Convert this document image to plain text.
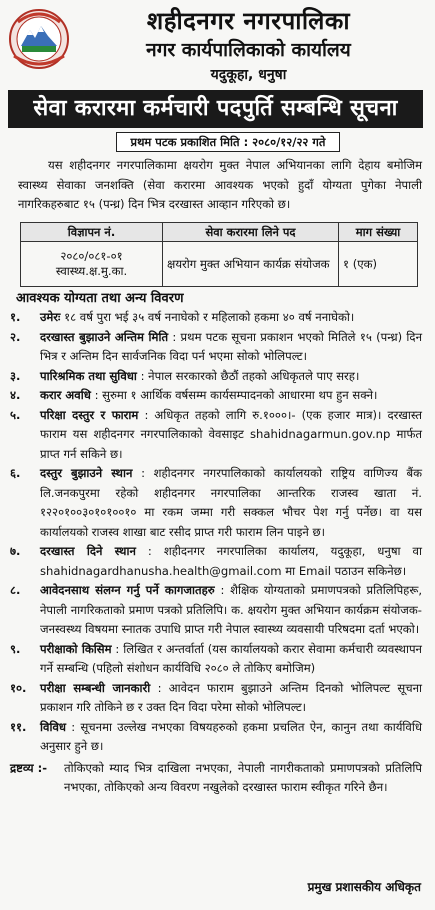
शहीदनगर नगरपालिका
नगर कार्यपालिकाको कार्यालय
यदुकूहा, धनुषा
सेवा करारमा कर्मचारी पदपुर्ति सम्बन्धि सूचना
प्रथम पटक प्रकाशित मिति : २०८०/१२/२२ गते
यस शहीदनगर नगरपालिकामा क्षयरोग मुक्त नेपाल अभियानका लागि देहाय बमोजिम स्वास्थ्य सेवाका जनशक्ति (सेवा करारमा आवश्यक भएको हुदाँ योग्यता पुगेका नेपाली नागरिकहरुबाट १५ (पन्ध्र) दिन भित्र दरखास्त आव्हान गरिएको छ।
विज्ञापन नं.	सेवा करारमा लिने पद	माग संख्या

२०८०/०८१-०१
स्वास्थ्य.क्ष.मु.का.	क्षयरोग मुक्त अभियान कार्यक्र संयोजक	१ (एक)
आवश्यक योग्यता तथा अन्य विवरण
१. उमेरः १८ वर्ष पुरा भई ३५ वर्ष ननाघेको र महिलाको हकमा ४० वर्ष ननाघेको।
२. दरखास्त बुझाउने अन्तिम मिति : प्रथम पटक सूचना प्रकाशन भएको मितिले १५ (पन्ध्र) दिन भित्र र अन्तिम दिन सार्वजनिक विदा पर्न भएमा सोको भोलिपल्ट।
३. पारिश्रमिक तथा सुविधा : नेपाल सरकारको छैठौं तहको अधिकृतले पाए सरह।
४. करार अवधि : सुरुमा १ आर्थिक वर्षसम्म कार्यसम्पादनको आधारमा थप हुन सक्ने।
५. परिक्षा दस्तुर र फाराम : अधिकृत तहको लागि रु.१०००।- (एक हजार मात्र)। दरखास्त फाराम यस शहीदनगर नगरपालिकाको वेवसाइट shahidnagarmun.gov.np मार्फत प्राप्त गर्न सकिने छ।
६. दस्तुर बुझाउने स्थान : शहीदनगर नगरपालिकाको कार्यालयको राष्ट्रिय वाणिज्य बैंक लि.जनकपुरमा रहेको शहीदनगर नगरपालिका आन्तरिक राजस्व खाता नं. १२२०१००३०१०१००१० मा रकम जम्मा गरी सक्कल भौचर पेश गर्नु पर्नेछ। वा यस कार्यालयको राजस्व शाखा बाट रसीद प्राप्त गरी फाराम लिन पाइने छ।
७. दरखास्त दिने स्थान : शहीदनगर नगरपालिका कार्यालय, यदुकूहा, धनुषा वा shahidnagardhanusha.health@gmail.com मा Email पठाउन सकिनेछ।
८. आवेदनसाथ संलग्न गर्नु पर्ने कागजातहरु : शैक्षिक योग्यताको प्रमाणपत्रको प्रतिलिपिहरू, नेपाली नागरिकताको प्रमाण पत्रको प्रतिलिपि। क. क्षयरोग मुक्त अभियान कार्यक्रम संयोजक- जनस्वस्थ्य विषयमा स्नातक उपाधि प्राप्त गरी नेपाल स्वास्थ्य व्यवसायी परिषदमा दर्ता भएको।
९. परीक्षाको किसिम : लिखित र अन्तर्वार्ता (यस कार्यालयको करार सेवामा कर्मचारी व्यवस्थापन गर्ने सम्बन्धि (पहिलो संशोधन कार्यविधि २०८० ले तोकिए बमोजिम)
१०. परीक्षा सम्बन्धी जानकारी : आवेदन फाराम बुझाउने अन्तिम दिनको भोलिपल्ट सूचना प्रकाशन गरि तोकिने छ र उक्त दिन विदा परेमा सोको भोलिपल्ट।
११. विविध : सूचनमा उल्लेख नभएका विषयहरुको हकमा प्रचलित ऐन, कानुन तथा कार्यविधि अनुसार हुने छ।
द्रष्टव्य :- तोकिएको म्याद भित्र दाखिला नभएका, नेपाली नागरीकताको प्रमाणपत्रको प्रतिलिपि नभएका, तोकिएको अन्य विवरण नखुलेको दरखास्त फाराम स्वीकृत गरिने छैन।
प्रमुख प्रशासकीय अधिकृत
